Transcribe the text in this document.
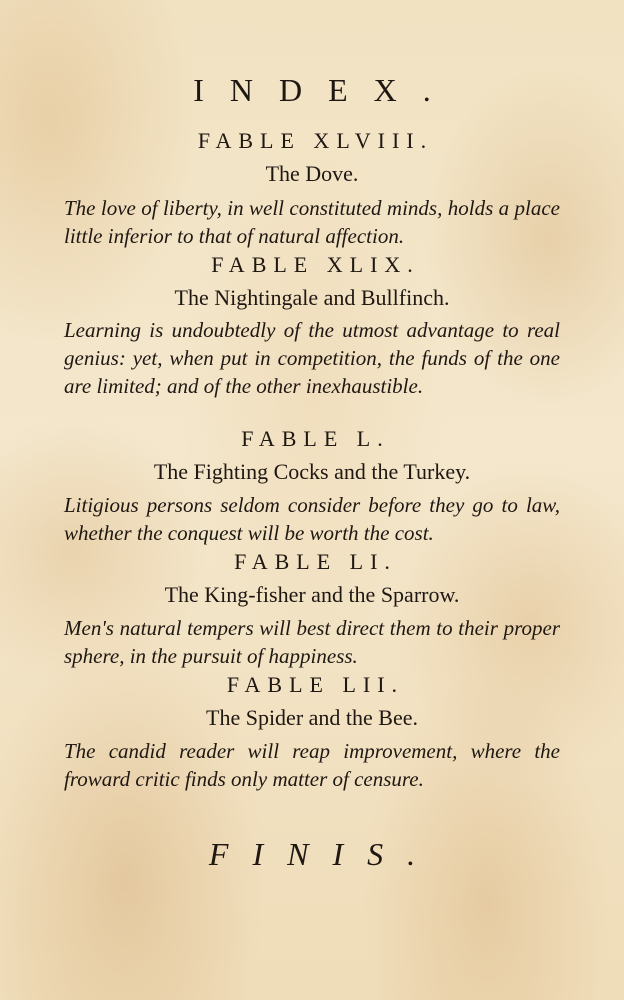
INDEX.
FABLE XLVIII.
The Dove.
The love of liberty, in well constituted minds, holds a place little inferior to that of natural affection.
FABLE XLIX.
The Nightingale and Bullfinch.
Learning is undoubtedly of the utmost advantage to real genius: yet, when put in competition, the funds of the one are limited; and of the other inexhaustible.
FABLE L.
The Fighting Cocks and the Turkey.
Litigious persons seldom consider before they go to law, whether the conquest will be worth the cost.
FABLE LI.
The King-fisher and the Sparrow.
Men's natural tempers will best direct them to their proper sphere, in the pursuit of happiness.
FABLE LII.
The Spider and the Bee.
The candid reader will reap improvement, where the froward critic finds only matter of censure.
FINIS.
